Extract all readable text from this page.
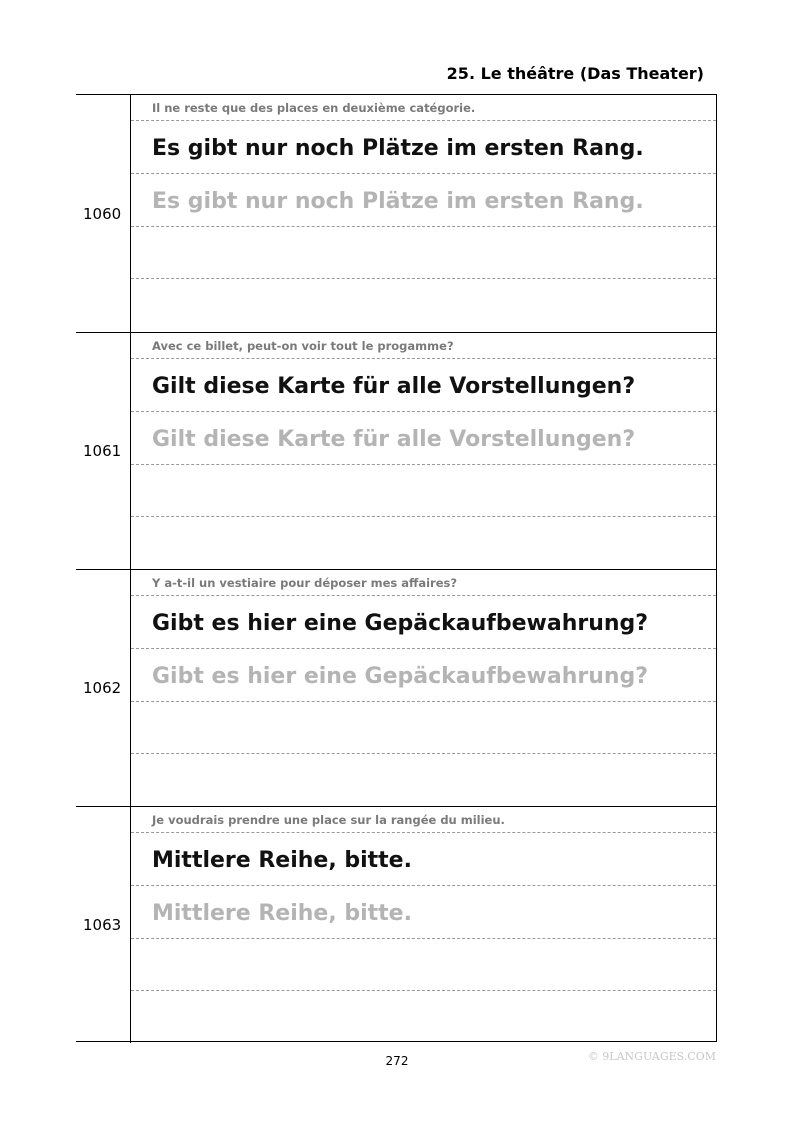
25. Le théâtre (Das Theater)
1060
Il ne reste que des places en deuxième catégorie.
Es gibt nur noch Plätze im ersten Rang.
Es gibt nur noch Plätze im ersten Rang.
1061
Avec ce billet, peut-on voir tout le progamme?
Gilt diese Karte für alle Vorstellungen?
Gilt diese Karte für alle Vorstellungen?
1062
Y a-t-il un vestiaire pour déposer mes affaires?
Gibt es hier eine Gepäckaufbewahrung?
Gibt es hier eine Gepäckaufbewahrung?
1063
Je voudrais prendre une place sur la rangée du milieu.
Mittlere Reihe, bitte.
Mittlere Reihe, bitte.
272	© 9LANGUAGES.COM
